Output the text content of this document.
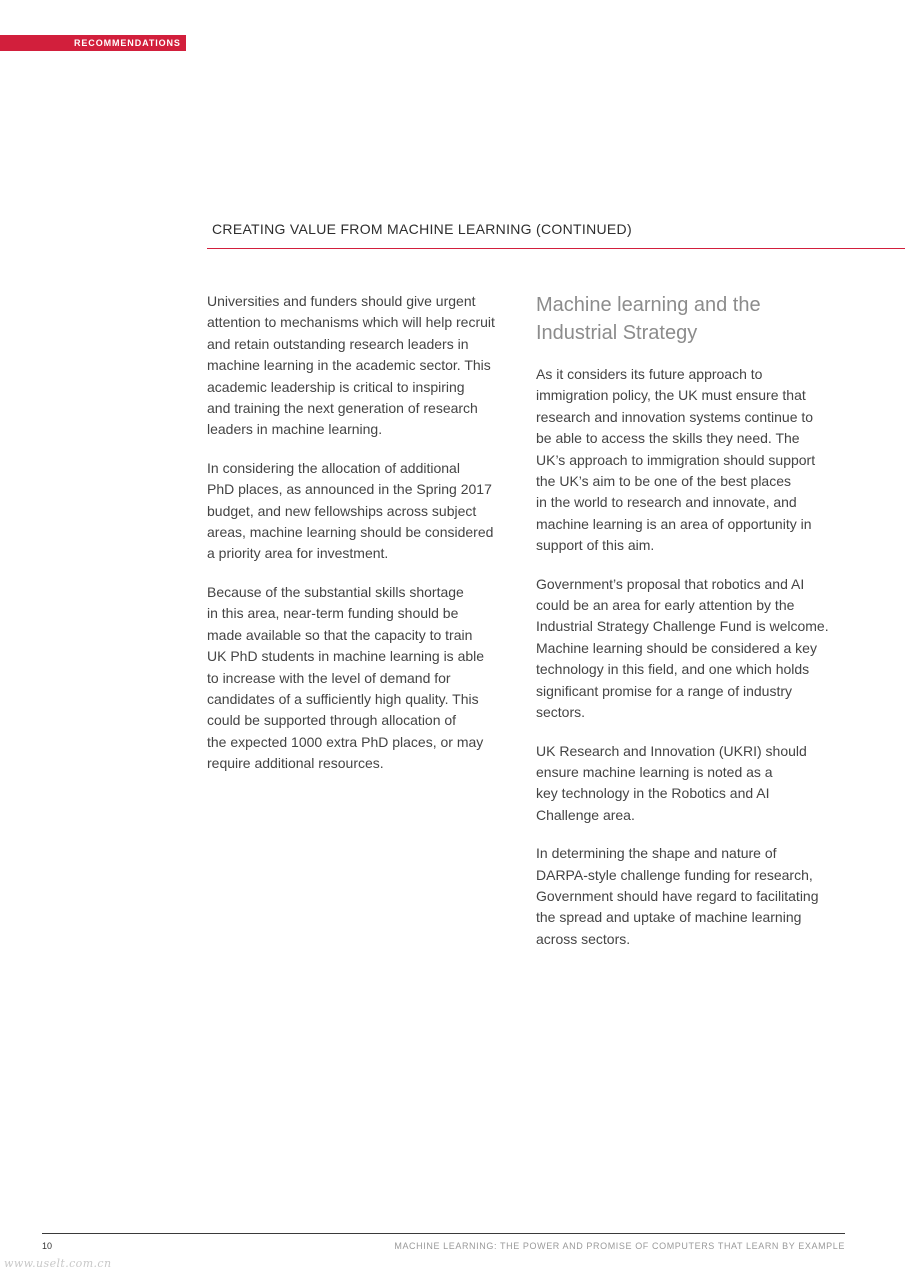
RECOMMENDATIONS
CREATING VALUE FROM MACHINE LEARNING (CONTINUED)

Universities and funders should give urgent
attention to mechanisms which will help recruit
and retain outstanding research leaders in
machine learning in the academic sector. This
academic leadership is critical to inspiring
and training the next generation of research
leaders in machine learning.

In considering the allocation of additional
PhD places, as announced in the Spring 2017
budget, and new fellowships across subject
areas, machine learning should be considered
a priority area for investment.

Because of the substantial skills shortage
in this area, near-term funding should be
made available so that the capacity to train
UK PhD students in machine learning is able
to increase with the level of demand for
candidates of a sufficiently high quality. This
could be supported through allocation of
the expected 1000 extra PhD places, or may
require additional resources.

Machine learning and the
Industrial Strategy

As it considers its future approach to
immigration policy, the UK must ensure that
research and innovation systems continue to
be able to access the skills they need. The
UK’s approach to immigration should support
the UK’s aim to be one of the best places
in the world to research and innovate, and
machine learning is an area of opportunity in
support of this aim.

Government’s proposal that robotics and AI
could be an area for early attention by the
Industrial Strategy Challenge Fund is welcome.
Machine learning should be considered a key
technology in this field, and one which holds
significant promise for a range of industry
sectors.

UK Research and Innovation (UKRI) should
ensure machine learning is noted as a
key technology in the Robotics and AI
Challenge area.

In determining the shape and nature of
DARPA-style challenge funding for research,
Government should have regard to facilitating
the spread and uptake of machine learning
across sectors.

10	MACHINE LEARNING: THE POWER AND PROMISE OF COMPUTERS THAT LEARN BY EXAMPLE
www.uselt.com.cn
